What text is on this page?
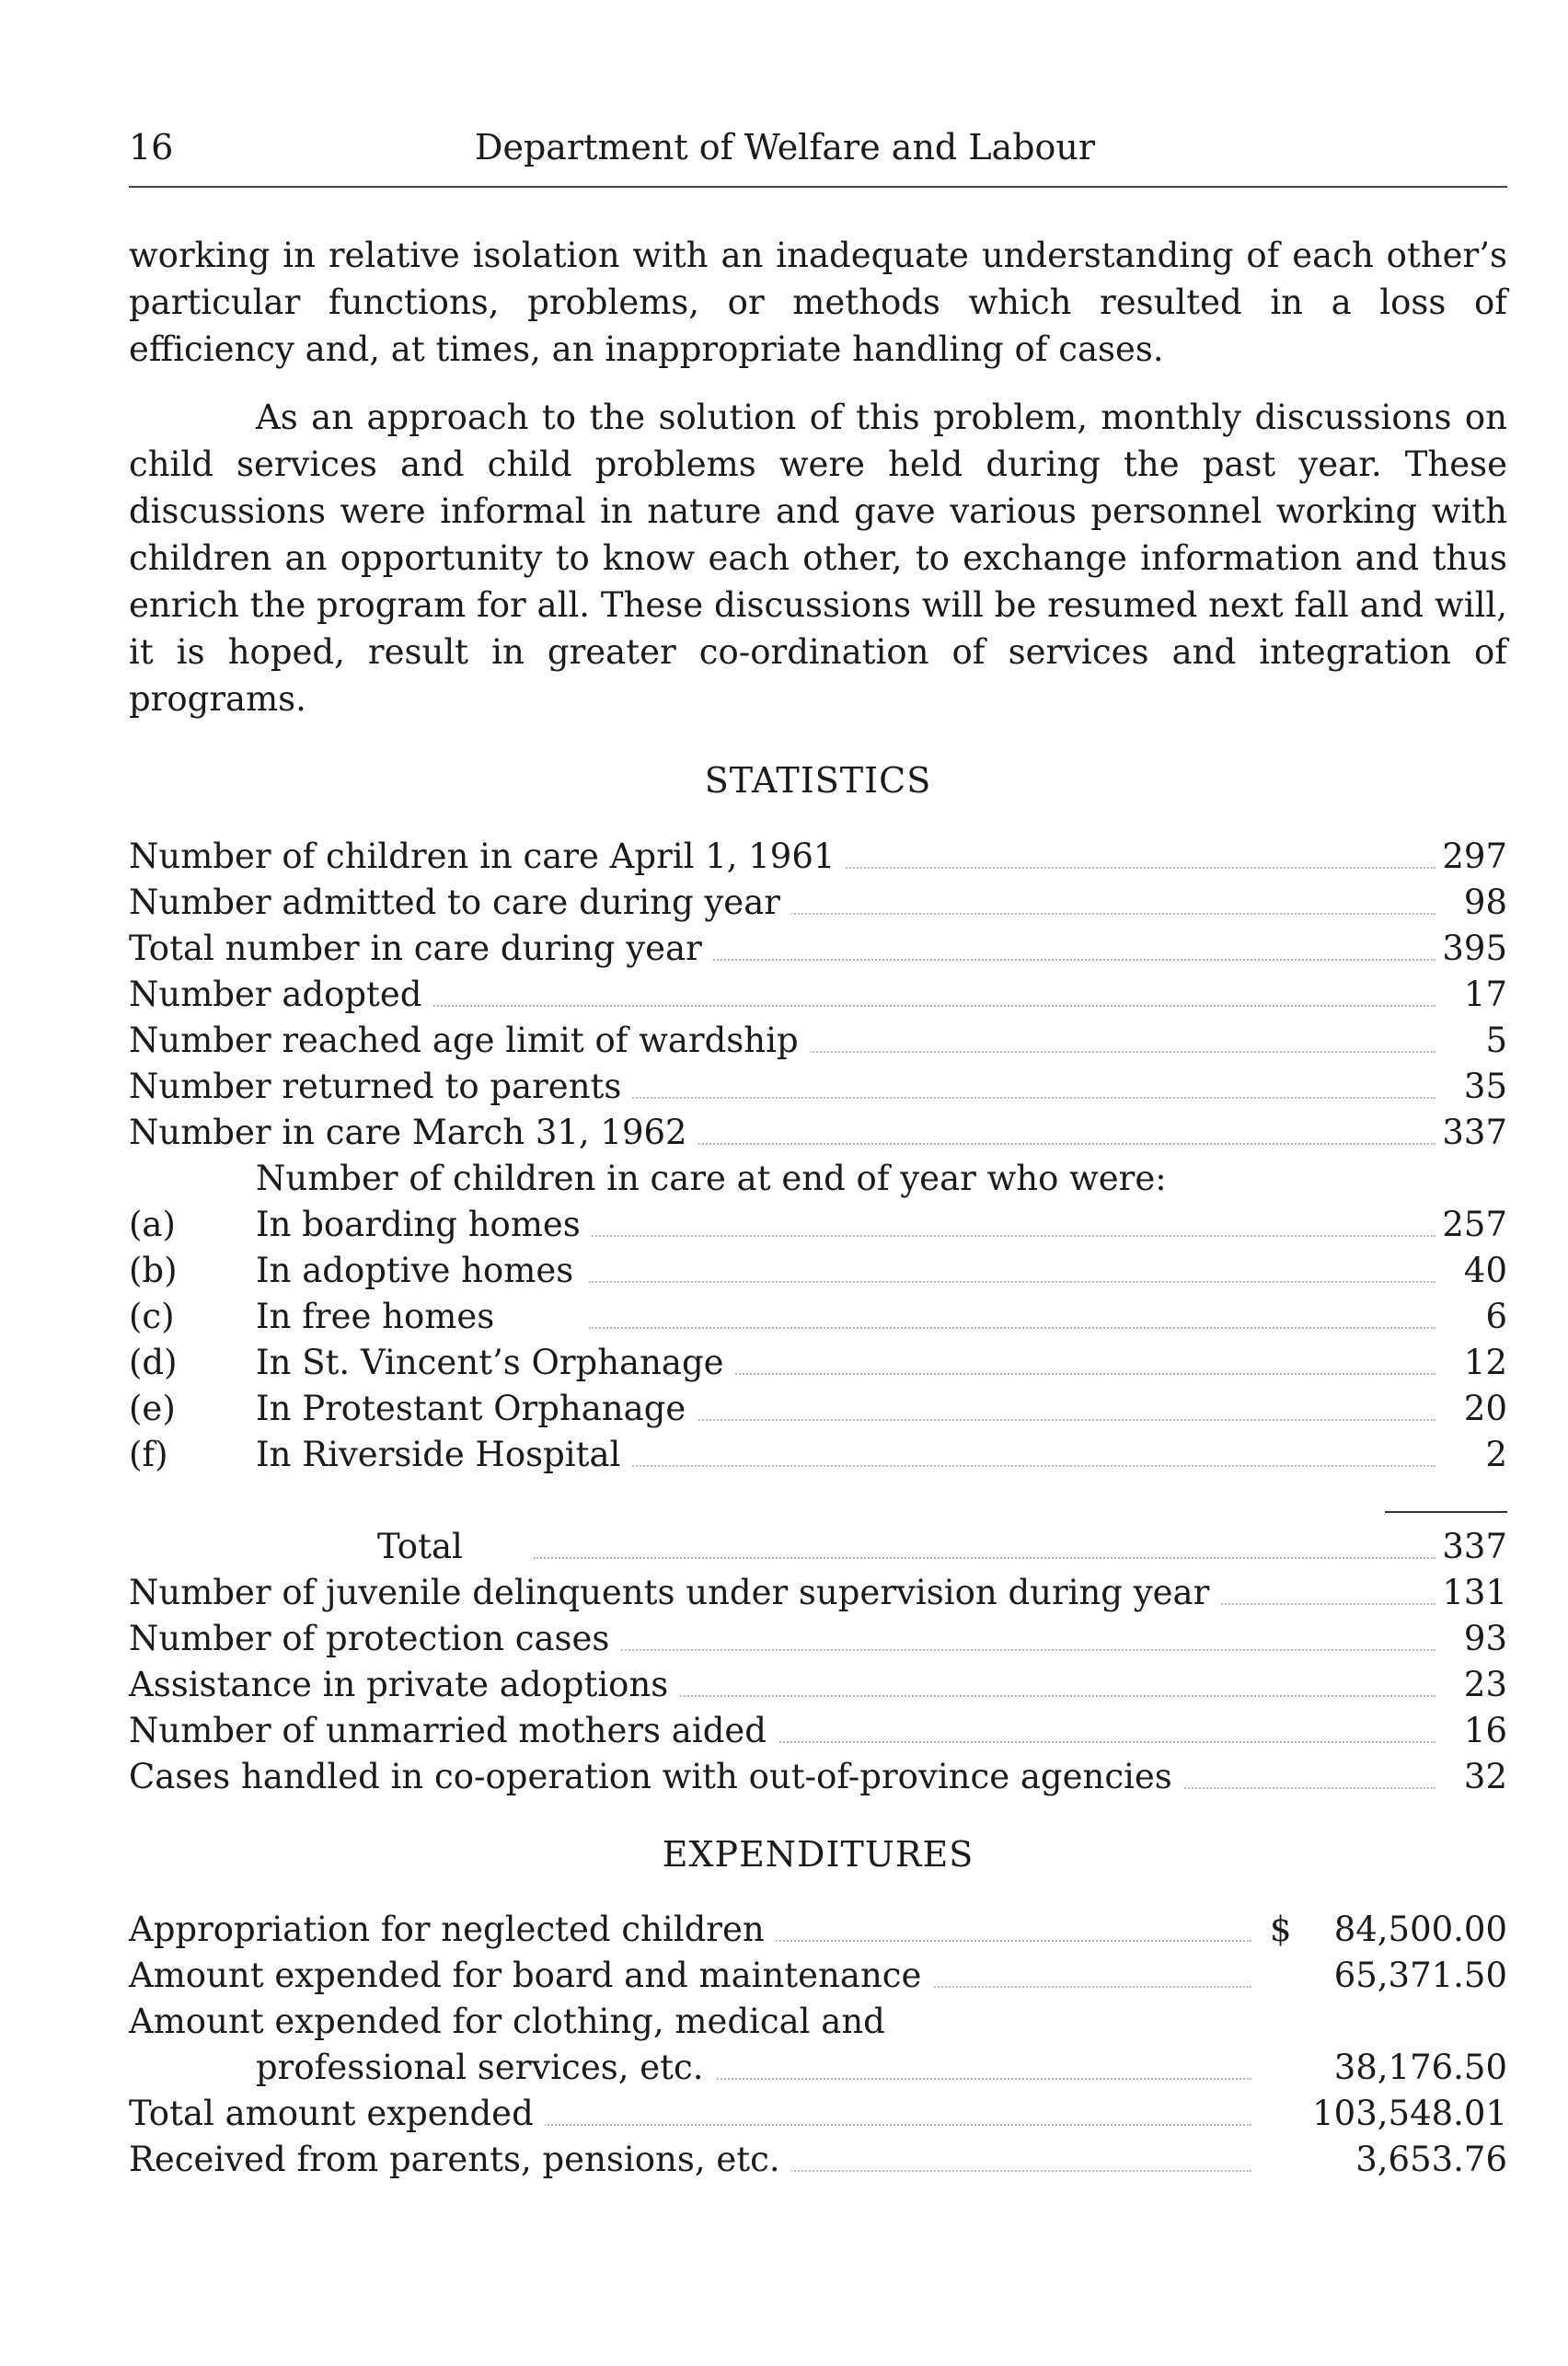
16	Department of Welfare and Labour

working in relative isolation with an inadequate understanding of each other’s particular functions, problems, or methods which resulted in a loss of efficiency and, at times, an inappropriate handling of cases.

As an approach to the solution of this problem, monthly discussions on child services and child problems were held during the past year. These discussions were informal in nature and gave various personnel working with children an opportunity to know each other, to exchange information and thus enrich the program for all. These discussions will be resumed next fall and will, it is hoped, result in greater co-ordination of services and integration of programs.

STATISTICS
Number of children in care April 1, 1961	297
Number admitted to care during year	98
Total number in care during year	395
Number adopted	17
Number reached age limit of wardship	5
Number returned to parents	35
Number in care March 31, 1962	337
Number of children in care at end of year who were:
(a) In boarding homes	257
(b) In adoptive homes	40
(c) In free homes	6
(d) In St. Vincent’s Orphanage	12
(e) In Protestant Orphanage	20
(f)	In Riverside Hospital	2
Total	337
Number of juvenile delinquents under supervision during year	131
Number of protection cases	93
Assistance in private adoptions	23
Number of unmarried mothers aided	16
Cases handled in co-operation with out-of-province agencies	32
EXPENDITURES
Appropriation for neglected children	$ 84,500.00
Amount expended for board and maintenance	65,371.50
Amount expended for clothing, medical and
professional services, etc.	38,176.50
Total amount expended	103,548.01
Received from parents, pensions, etc.	3,653.76
